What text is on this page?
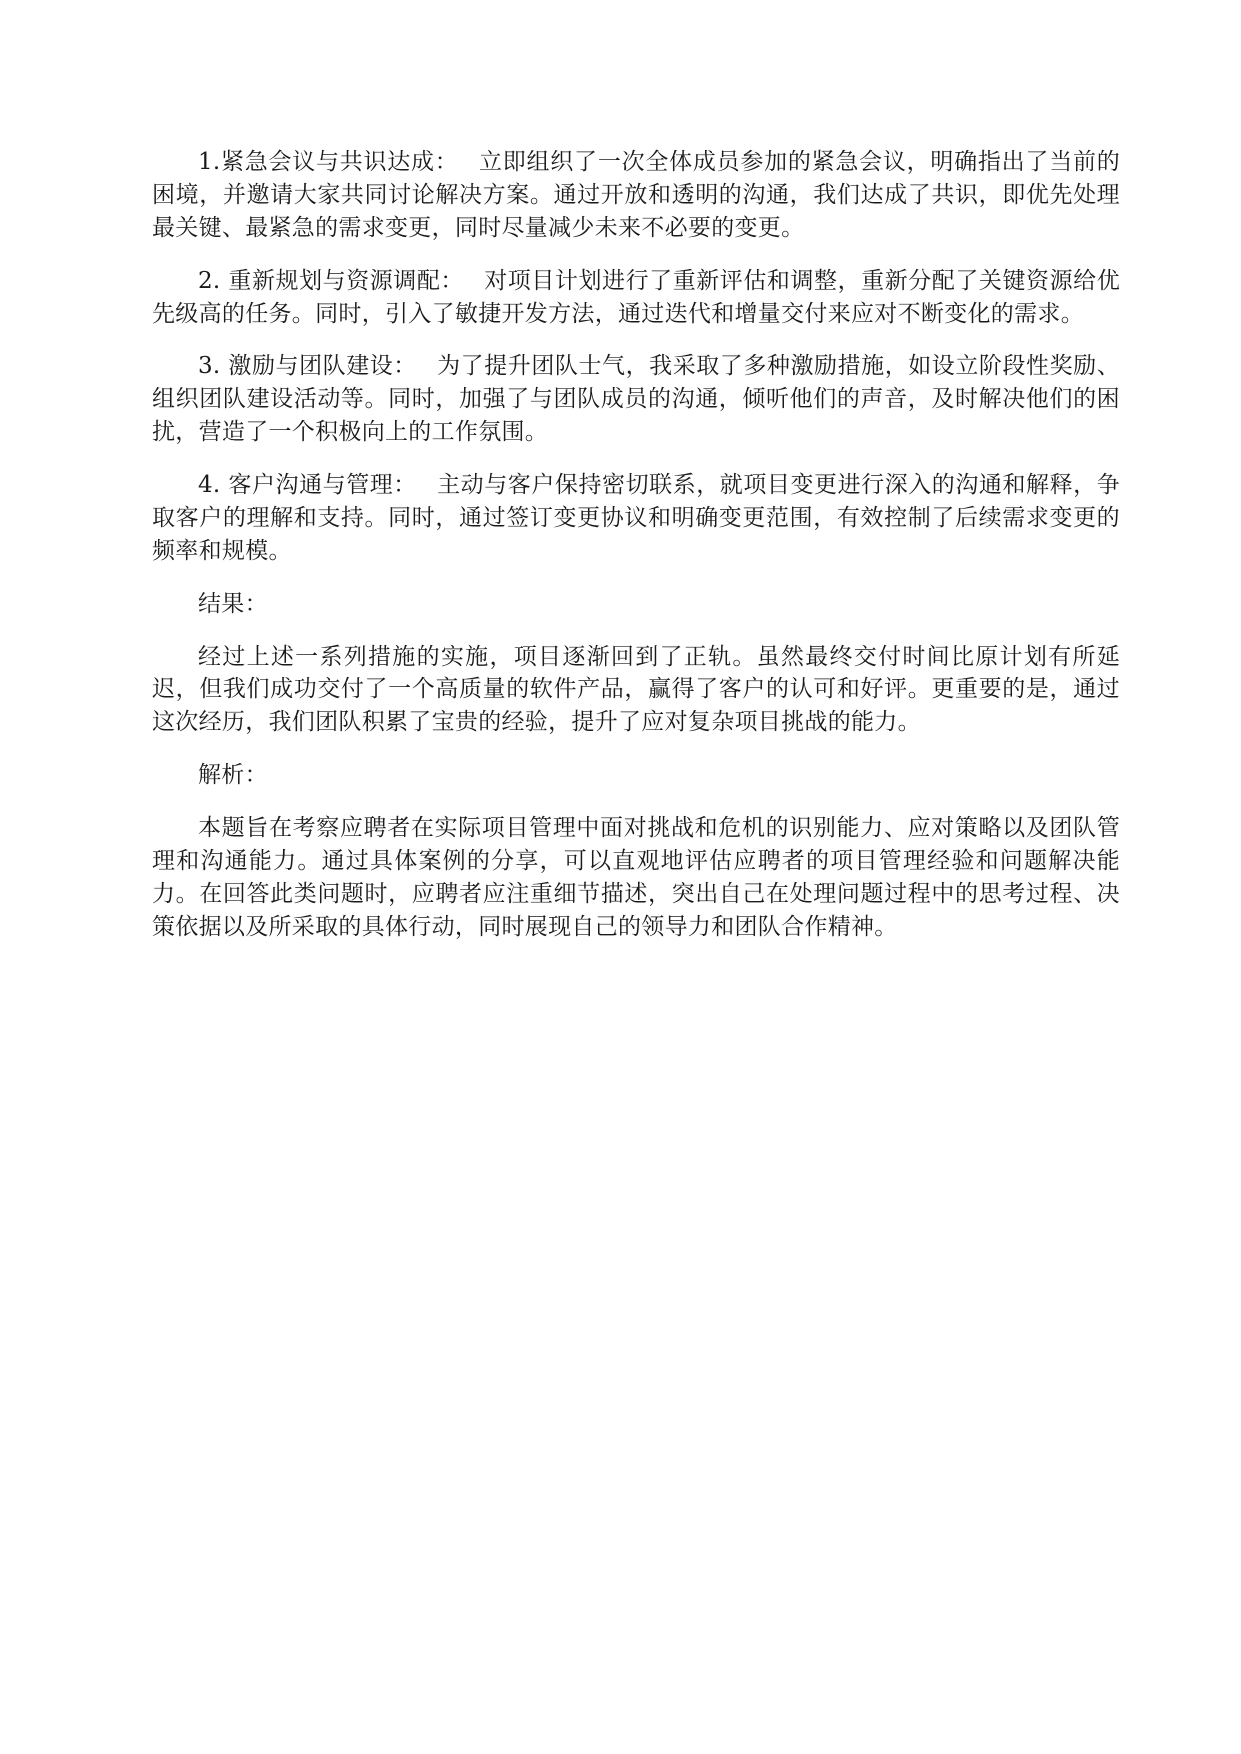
1.紧急会议与共识达成： 立即组织了一次全体成员参加的紧急会议，明确指出了当前的困境，并邀请大家共同讨论解决方案。通过开放和透明的沟通，我们达成了共识，即优先处理最关键、最紧急的需求变更，同时尽量减少未来不必要的变更。

2. 重新规划与资源调配： 对项目计划进行了重新评估和调整，重新分配了关键资源给优先级高的任务。同时，引入了敏捷开发方法，通过迭代和增量交付来应对不断变化的需求。

3. 激励与团队建设： 为了提升团队士气，我采取了多种激励措施，如设立阶段性奖励、组织团队建设活动等。同时，加强了与团队成员的沟通，倾听他们的声音，及时解决他们的困扰，营造了一个积极向上的工作氛围。

4. 客户沟通与管理： 主动与客户保持密切联系，就项目变更进行深入的沟通和解释，争取客户的理解和支持。同时，通过签订变更协议和明确变更范围，有效控制了后续需求变更的频率和规模。

结果：

经过上述一系列措施的实施，项目逐渐回到了正轨。虽然最终交付时间比原计划有所延迟，但我们成功交付了一个高质量的软件产品，赢得了客户的认可和好评。更重要的是，通过这次经历，我们团队积累了宝贵的经验，提升了应对复杂项目挑战的能力。

解析：

本题旨在考察应聘者在实际项目管理中面对挑战和危机的识别能力、应对策略以及团队管理和沟通能力。通过具体案例的分享，可以直观地评估应聘者的项目管理经验和问题解决能力。在回答此类问题时，应聘者应注重细节描述，突出自己在处理问题过程中的思考过程、决策依据以及所采取的具体行动，同时展现自己的领导力和团队合作精神。
